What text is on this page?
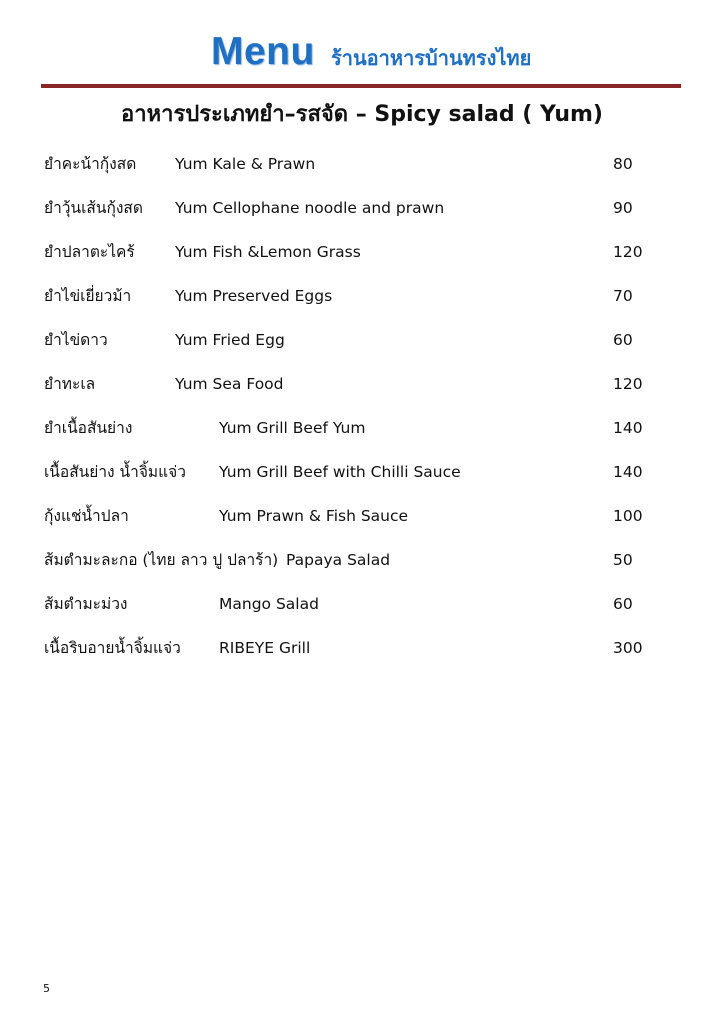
Menu ร้านอาหารบ้านทรงไทย
อาหารประเภทยำ–รสจัด – Spicy salad ( Yum)
ยำคะน้ากุ้งสด Yum Kale & Prawn	80
ยำวุ้นเส้นกุ้งสด Yum Cellophane noodle and prawn	90
ยำปลาตะไคร้	Yum Fish &Lemon Grass	120
ยำไข่เยี่ยวม้า	Yum Preserved Eggs	70
ยำไข่ดาว	Yum Fried Egg	60
ยำทะเล	Yum Sea Food	120
ยำเนื้อสันย่าง	Yum Grill Beef Yum	140
เนื้อสันย่าง น้ำจิ้มแจ่ว Yum Grill Beef with Chilli Sauce	140
กุ้งแช่น้ำปลา	Yum Prawn & Fish Sauce	100
ส้มตำมะละกอ (ไทย ลาว ปู ปลาร้า) Papaya Salad	50
ส้มตำมะม่วง	Mango Salad	60
เนื้อริบอายน้ำจิ้มแจ่ว RIBEYE Grill	300
5
